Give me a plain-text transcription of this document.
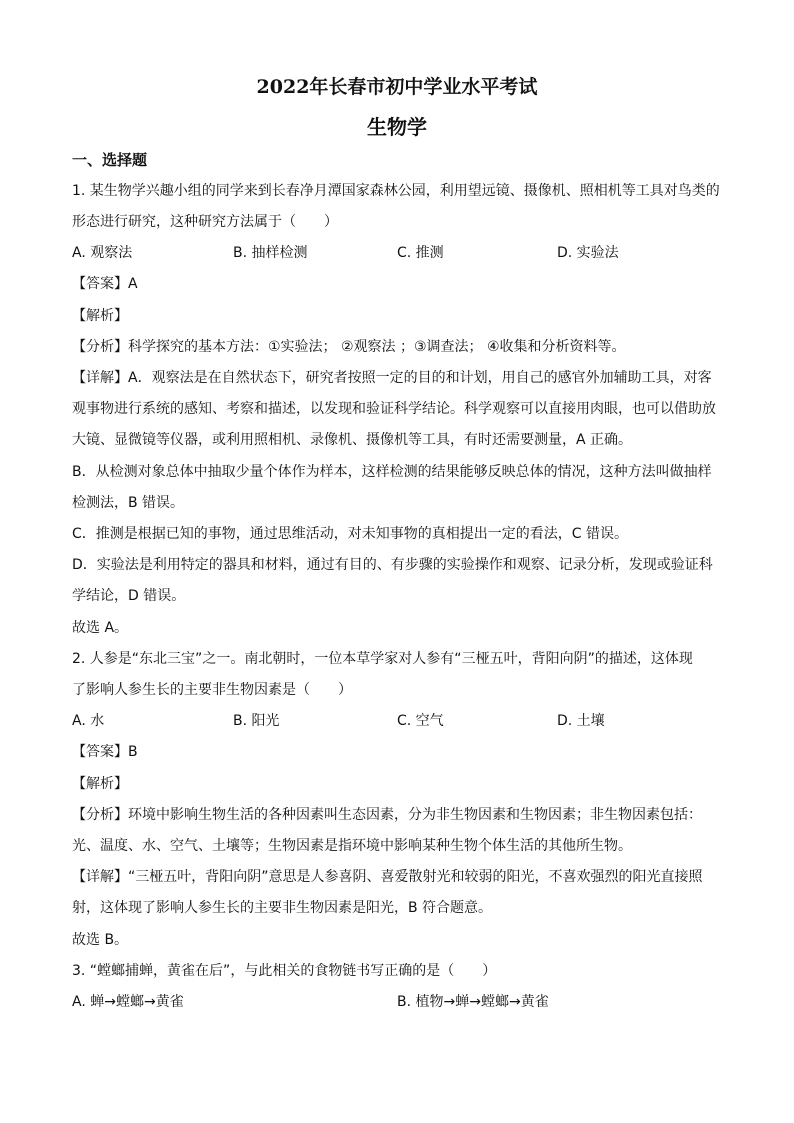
2022年长春市初中学业水平考试
生物学
一、选择题
1. 某生物学兴趣小组的同学来到长春净月潭国家森林公园，利用望远镜、摄像机、照相机等工具对鸟类的
形态进行研究，这种研究方法属于（　　）
A. 观察法	B. 抽样检测	C. 推测	D. 实验法
【答案】A
【解析】
【分析】科学探究的基本方法：①实验法； ②观察法 ；③调查法； ④收集和分析资料等。
【详解】A．观察法是在自然状态下，研究者按照一定的目的和计划，用自己的感官外加辅助工具，对客
观事物进行系统的感知、考察和描述，以发现和验证科学结论。科学观察可以直接用肉眼，也可以借助放
大镜、显微镜等仪器，或利用照相机、录像机、摄像机等工具，有时还需要测量，A 正确。
B．从检测对象总体中抽取少量个体作为样本，这样检测的结果能够反映总体的情况，这种方法叫做抽样
检测法，B 错误。
C．推测是根据已知的事物，通过思维活动，对未知事物的真相提出一定的看法，C 错误。
D．实验法是利用特定的器具和材料，通过有目的、有步骤的实验操作和观察、记录分析，发现或验证科
学结论，D 错误。
故选 A。
2. 人参是“东北三宝”之一。南北朝时，一位本草学家对人参有“三桠五叶，背阳向阴”的描述，这体现
了影响人参生长的主要非生物因素是（　　）
A. 水	B. 阳光	C. 空气	D. 土壤
【答案】B
【解析】
【分析】环境中影响生物生活的各种因素叫生态因素，分为非生物因素和生物因素；非生物因素包括：
光、温度、水、空气、土壤等；生物因素是指环境中影响某种生物个体生活的其他所生物。
【详解】“三桠五叶，背阳向阴”意思是人参喜阴、喜爱散射光和较弱的阳光，不喜欢强烈的阳光直接照
射，这体现了影响人参生长的主要非生物因素是阳光，B 符合题意。
故选 B。
3. “螳螂捕蝉，黄雀在后”，与此相关的食物链书写正确的是（　　）
A. 蝉→螳螂→黄雀	B. 植物→蝉→螳螂→黄雀
